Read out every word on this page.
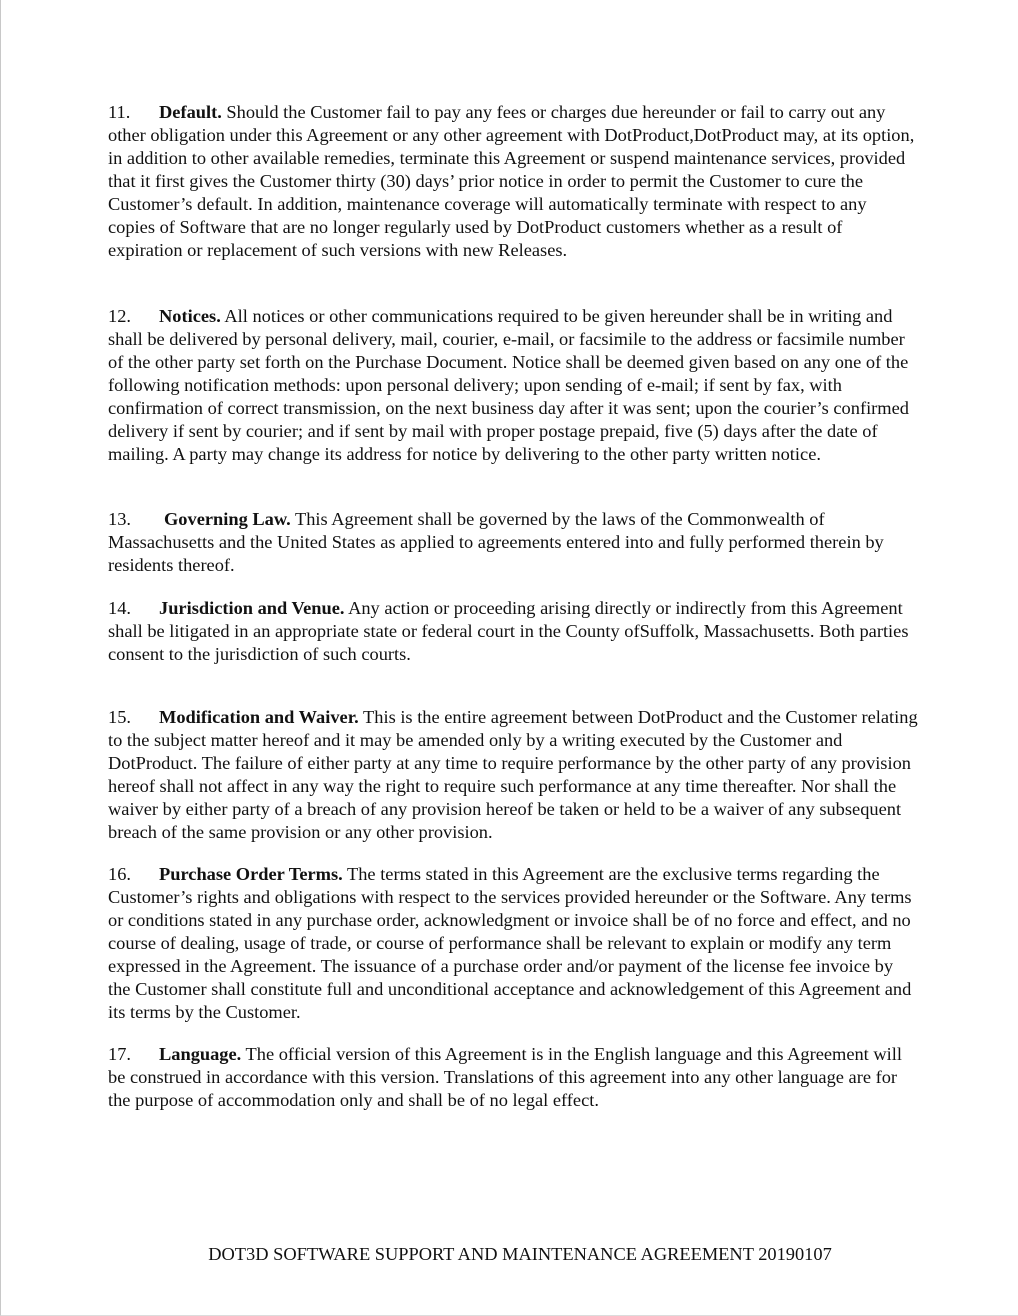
11. Default. Should the Customer fail to pay any fees or charges due hereunder or fail to carry out any other obligation under this Agreement or any other agreement with DotProduct,DotProduct may, at its option, in addition to other available remedies, terminate this Agreement or suspend maintenance services, provided that it first gives the Customer thirty (30) days’ prior notice in order to permit the Customer to cure the Customer’s default. In addition, maintenance coverage will automatically terminate with respect to any copies of Software that are no longer regularly used by DotProduct customers whether as a result of expiration or replacement of such versions with new Releases.

12. Notices. All notices or other communications required to be given hereunder shall be in writing and shall be delivered by personal delivery, mail, courier, e-mail, or facsimile to the address or facsimile number of the other party set forth on the Purchase Document. Notice shall be deemed given based on any one of the following notification methods: upon personal delivery; upon sending of e-mail; if sent by fax, with confirmation of correct transmission, on the next business day after it was sent; upon the courier’s confirmed delivery if sent by courier; and if sent by mail with proper postage prepaid, five (5) days after the date of mailing. A party may change its address for notice by delivering to the other party written notice.

13. Governing Law. This Agreement shall be governed by the laws of the Commonwealth of Massachusetts and the United States as applied to agreements entered into and fully performed therein by residents thereof.

14. Jurisdiction and Venue. Any action or proceeding arising directly or indirectly from this Agreement shall be litigated in an appropriate state or federal court in the County ofSuffolk, Massachusetts. Both parties consent to the jurisdiction of such courts.

15. Modification and Waiver. This is the entire agreement between DotProduct and the Customer relating to the subject matter hereof and it may be amended only by a writing executed by the Customer and DotProduct. The failure of either party at any time to require performance by the other party of any provision hereof shall not affect in any way the right to require such performance at any time thereafter. Nor shall the waiver by either party of a breach of any provision hereof be taken or held to be a waiver of any subsequent breach of the same provision or any other provision.

16. Purchase Order Terms. The terms stated in this Agreement are the exclusive terms regarding the Customer’s rights and obligations with respect to the services provided hereunder or the Software. Any terms or conditions stated in any purchase order, acknowledgment or invoice shall be of no force and effect, and no course of dealing, usage of trade, or course of performance shall be relevant to explain or modify any term expressed in the Agreement. The issuance of a purchase order and/or payment of the license fee invoice by the Customer shall constitute full and unconditional acceptance and acknowledgement of this Agreement and its terms by the Customer.

17. Language. The official version of this Agreement is in the English language and this Agreement will be construed in accordance with this version. Translations of this agreement into any other language are for the purpose of accommodation only and shall be of no legal effect.

DOT3D SOFTWARE SUPPORT AND MAINTENANCE AGREEMENT 20190107
